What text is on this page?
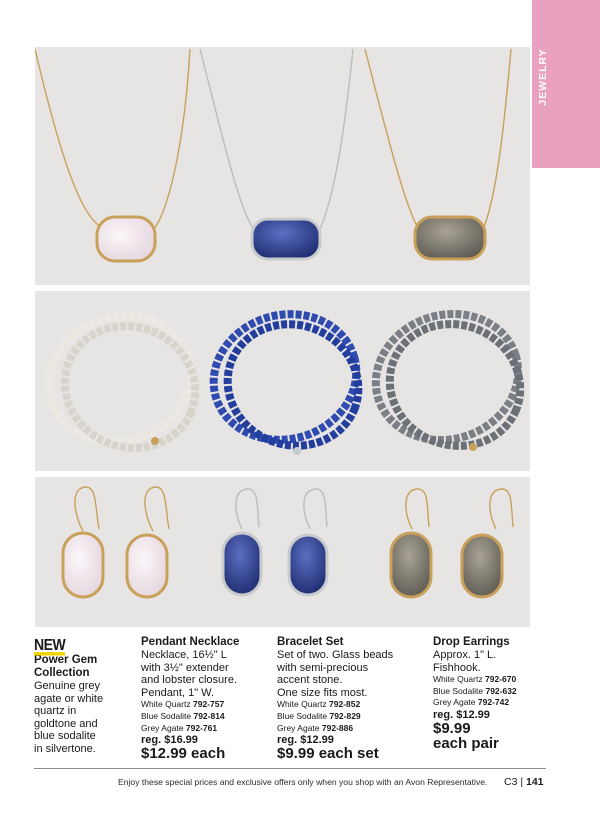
JEWELRY
NEW
Power Gem
Collection
Genuine grey
agate or white
quartz in
goldtone and
blue sodalite
in silvertone.
Pendant Necklace
Necklace, 16½" L
with 3½" extender
and lobster closure.
Pendant, 1" W.
White Quartz 792-757
Blue Sodalite 792-814
Grey Agate 792-761
reg. $16.99
$12.99 each
Bracelet Set
Set of two. Glass beads
with semi-precious
accent stone.
One size fits most.
White Quartz 792-852
Blue Sodalite 792-829
Grey Agate 792-886
reg. $12.99
$9.99 each set
Drop Earrings
Approx. 1" L.
Fishhook.
White Quartz 792-670
Blue Sodalite 792-632
Grey Agate 792-742
reg. $12.99
$9.99
each pair
Enjoy these special prices and exclusive offers only when you shop with an Avon Representative. C3 | 141
